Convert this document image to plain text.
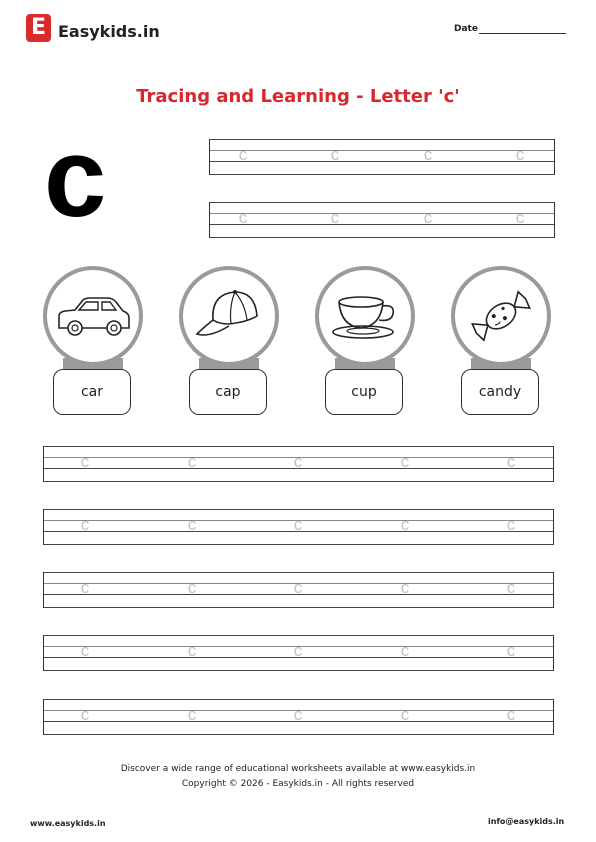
E Easykids.in	Date
Tracing and Learning - Letter 'c'
c	c	c	c	c
c	c	c	c
car	cap	cup	candy
c	c	c	c	c
c	c	c	c	c
c	c	c	c	c
c	c	c	c	c
c	c	c	c	c
Discover a wide range of educational worksheets available at www.easykids.in
Copyright © 2026 - Easykids.in - All rights reserved
www.easykids.in	info@easykids.in
